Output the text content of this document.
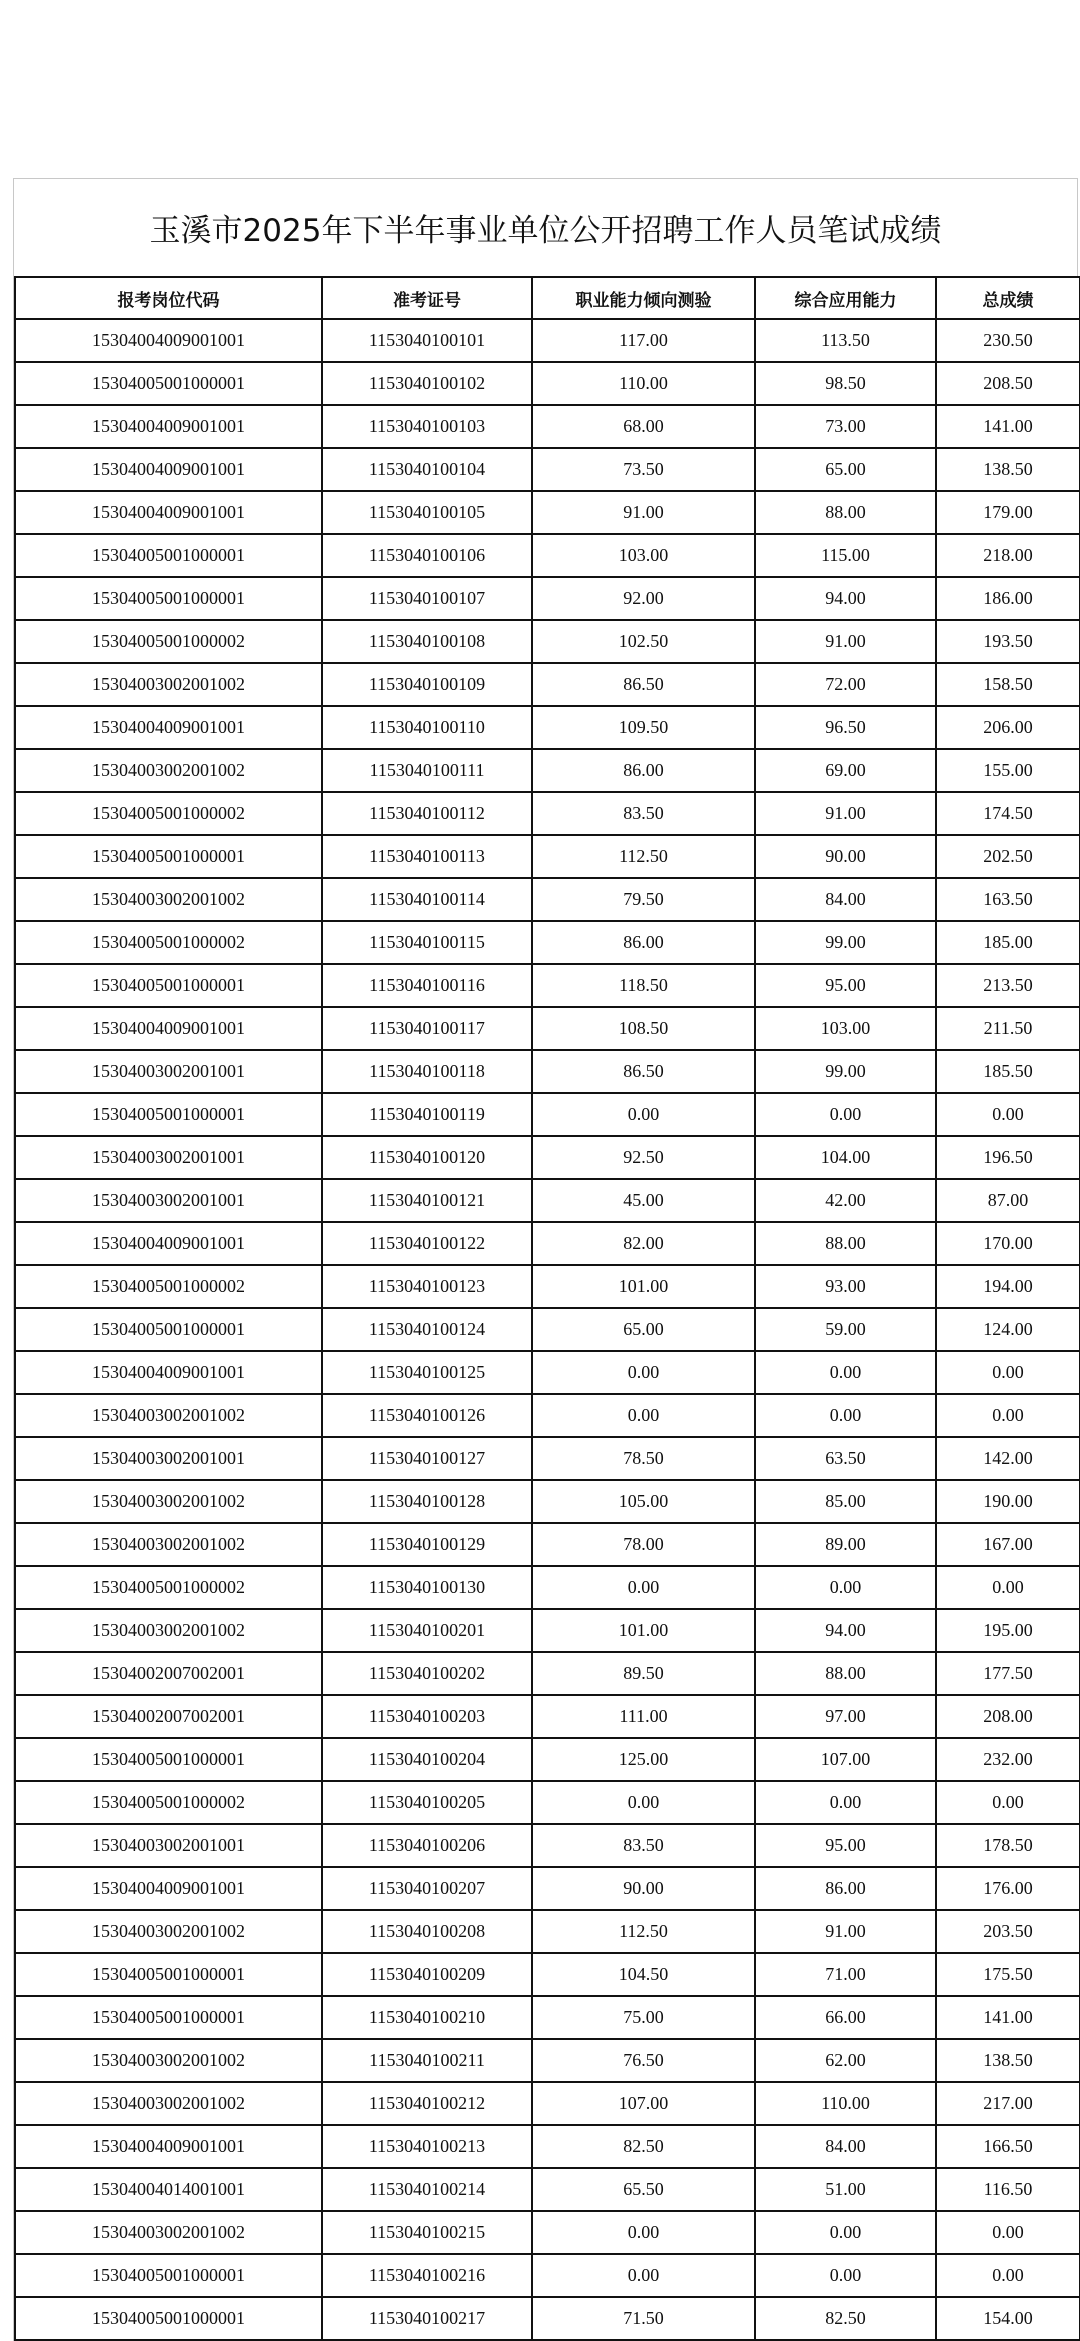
玉溪市2025年下半年事业单位公开招聘工作人员笔试成绩
报考岗位代码	准考证号	职业能力倾向测验	综合应用能力	总成绩
15304004009001001	1153040100101	117.00	113.50	230.50
15304005001000001	1153040100102	110.00	98.50	208.50
15304004009001001	1153040100103	68.00	73.00	141.00
15304004009001001	1153040100104	73.50	65.00	138.50
15304004009001001	1153040100105	91.00	88.00	179.00
15304005001000001	1153040100106	103.00	115.00	218.00
15304005001000001	1153040100107	92.00	94.00	186.00
15304005001000002	1153040100108	102.50	91.00	193.50
15304003002001002	1153040100109	86.50	72.00	158.50
15304004009001001	1153040100110	109.50	96.50	206.00
15304003002001002	1153040100111	86.00	69.00	155.00
15304005001000002	1153040100112	83.50	91.00	174.50
15304005001000001	1153040100113	112.50	90.00	202.50
15304003002001002	1153040100114	79.50	84.00	163.50
15304005001000002	1153040100115	86.00	99.00	185.00
15304005001000001	1153040100116	118.50	95.00	213.50
15304004009001001	1153040100117	108.50	103.00	211.50
15304003002001001	1153040100118	86.50	99.00	185.50
15304005001000001	1153040100119	0.00	0.00	0.00
15304003002001001	1153040100120	92.50	104.00	196.50
15304003002001001	1153040100121	45.00	42.00	87.00
15304004009001001	1153040100122	82.00	88.00	170.00
15304005001000002	1153040100123	101.00	93.00	194.00
15304005001000001	1153040100124	65.00	59.00	124.00
15304004009001001	1153040100125	0.00	0.00	0.00
15304003002001002	1153040100126	0.00	0.00	0.00
15304003002001001	1153040100127	78.50	63.50	142.00
15304003002001002	1153040100128	105.00	85.00	190.00
15304003002001002	1153040100129	78.00	89.00	167.00
15304005001000002	1153040100130	0.00	0.00	0.00
15304003002001002	1153040100201	101.00	94.00	195.00
15304002007002001	1153040100202	89.50	88.00	177.50
15304002007002001	1153040100203	111.00	97.00	208.00
15304005001000001	1153040100204	125.00	107.00	232.00
15304005001000002	1153040100205	0.00	0.00	0.00
15304003002001001	1153040100206	83.50	95.00	178.50
15304004009001001	1153040100207	90.00	86.00	176.00
15304003002001002	1153040100208	112.50	91.00	203.50
15304005001000001	1153040100209	104.50	71.00	175.50
15304005001000001	1153040100210	75.00	66.00	141.00
15304003002001002	1153040100211	76.50	62.00	138.50
15304003002001002	1153040100212	107.00	110.00	217.00
15304004009001001	1153040100213	82.50	84.00	166.50
15304004014001001	1153040100214	65.50	51.00	116.50
15304003002001002	1153040100215	0.00	0.00	0.00
15304005001000001	1153040100216	0.00	0.00	0.00
15304005001000001	1153040100217	71.50	82.50	154.00
